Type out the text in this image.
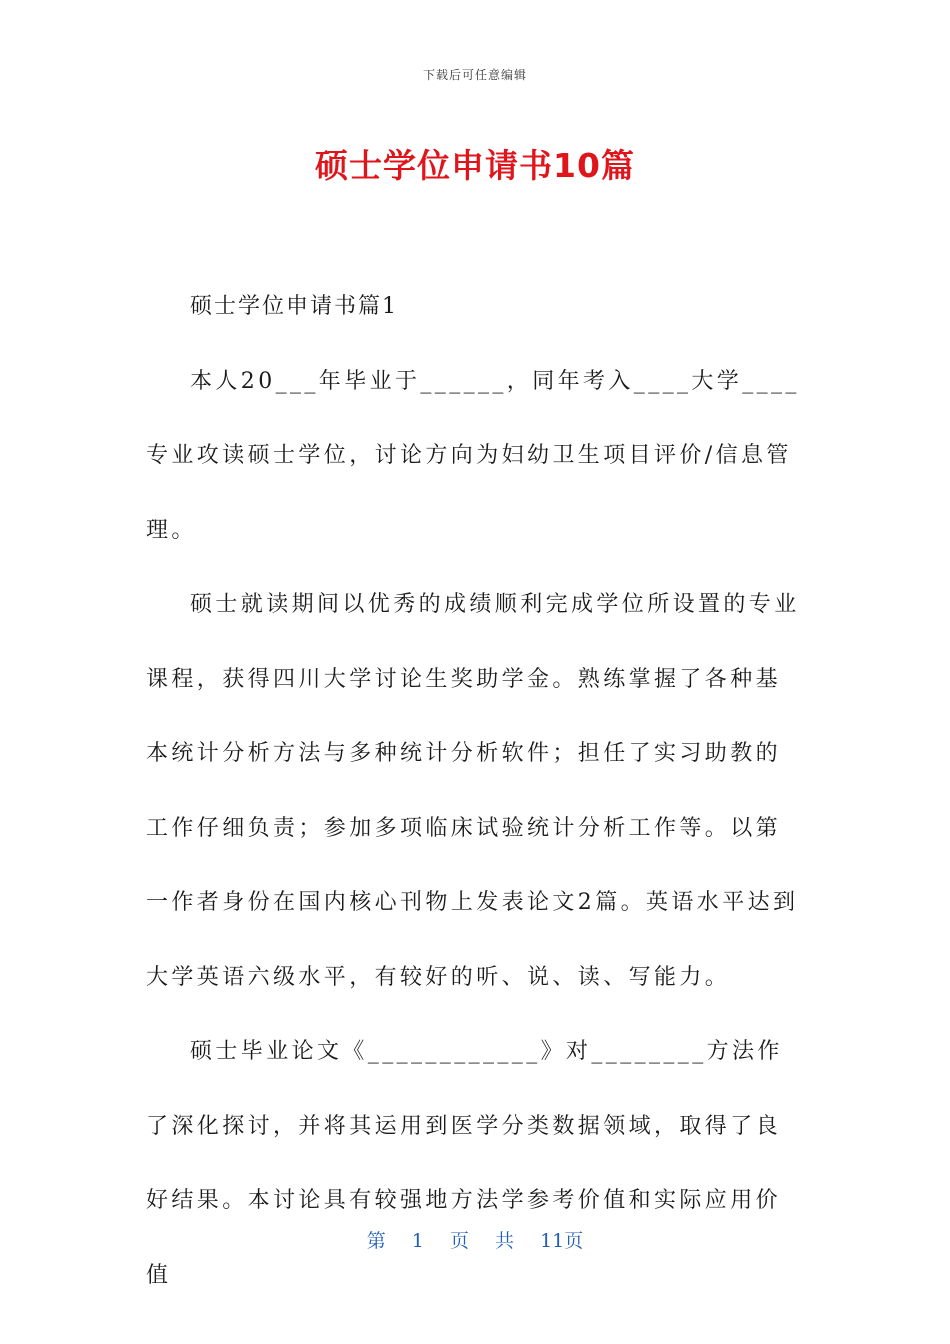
下载后可任意编辑
硕士学位申请书10篇

硕士学位申请书篇1

本人20___年毕业于______，同年考入____大学____专业攻读硕士学位，讨论方向为妇幼卫生项目评价/信息管理。

硕士就读期间以优秀的成绩顺利完成学位所设置的专业课程，获得四川大学讨论生奖助学金。熟练掌握了各种基本统计分析方法与多种统计分析软件；担任了实习助教的工作仔细负责；参加多项临床试验统计分析工作等。以第一作者身份在国内核心刊物上发表论文2篇。英语水平达到大学英语六级水平，有较好的听、说、读、写能力。

硕士毕业论文《____________》对________方法作了深化探讨，并将其运用到医学分类数据领域，取得了良好结果。本讨论具有较强地方法学参考价值和实际应用价值

第 1 页 共 11页
